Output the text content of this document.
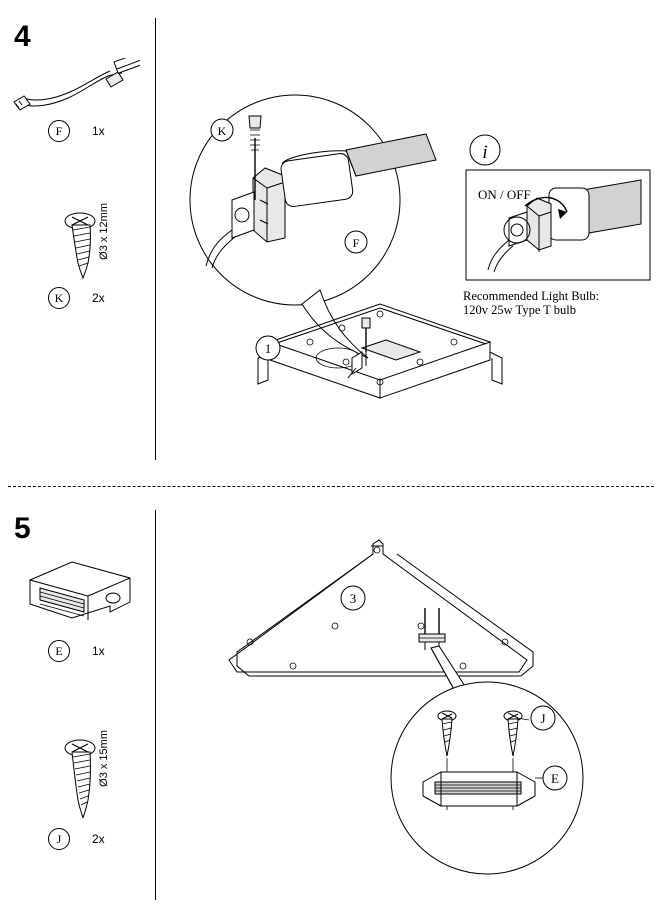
4
F	1x
Ø3 x 12mm
K	2x
K
F
1
i
Recommended Light Bulb:
120v 25w Type T bulb
ON / OFF
5
E	1x
Ø3 x 15mm
J	2x
3
J
E
